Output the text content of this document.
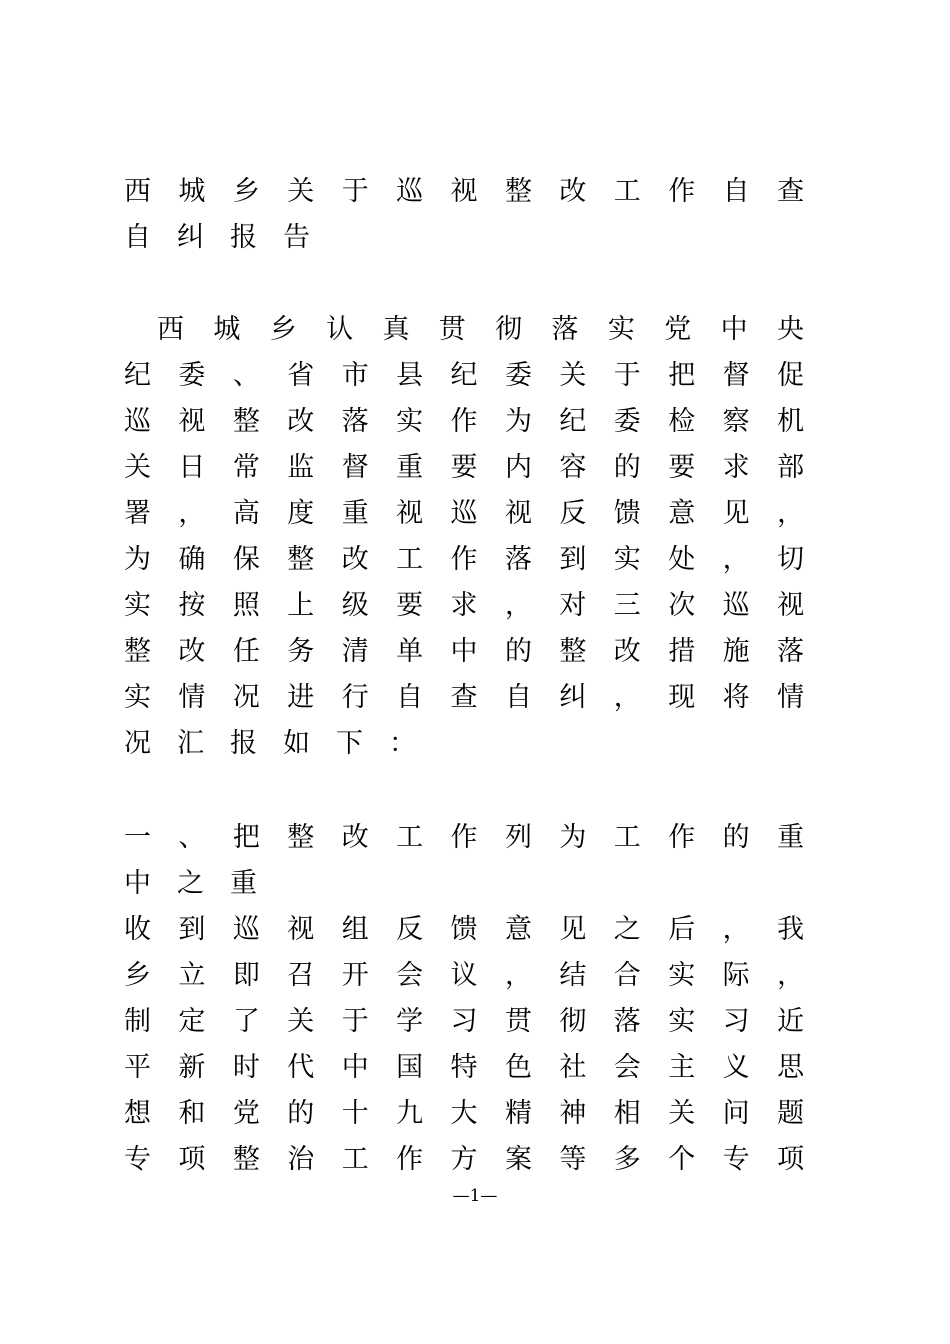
西 城 乡 关 于 巡 视 整 改 工 作 自 查
自纠报告
西 城 乡 认 真 贯 彻 落 实 党 中 央
纪 委 、 省 市 县 纪 委 关 于 把 督 促
巡 视 整 改 落 实 作 为 纪 委 检 察 机
关 日 常 监 督 重 要 内 容 的 要 求 部
署 ， 高 度 重 视 巡 视 反 馈 意 见 ，
为 确 保 整 改 工 作 落 到 实 处 ， 切
实 按 照 上 级 要 求 ， 对 三 次 巡 视
整 改 任 务 清 单 中 的 整 改 措 施 落
实 情 况 进 行 自 查 自 纠 ， 现 将 情
况汇报如下：
一 、 把 整 改 工 作 列 为 工 作 的 重
中之重
收 到 巡 视 组 反 馈 意 见 之 后 ， 我
乡 立 即 召 开 会 议 ， 结 合 实 际 ，
制 定 了 关 于 学 习 贯 彻 落 实 习 近
平 新 时 代 中 国 特 色 社 会 主 义 思
想 和 党 的 十 九 大 精 神 相 关 问 题
专 项 整 治 工 作 方 案 等 多 个 专 项
—1—
